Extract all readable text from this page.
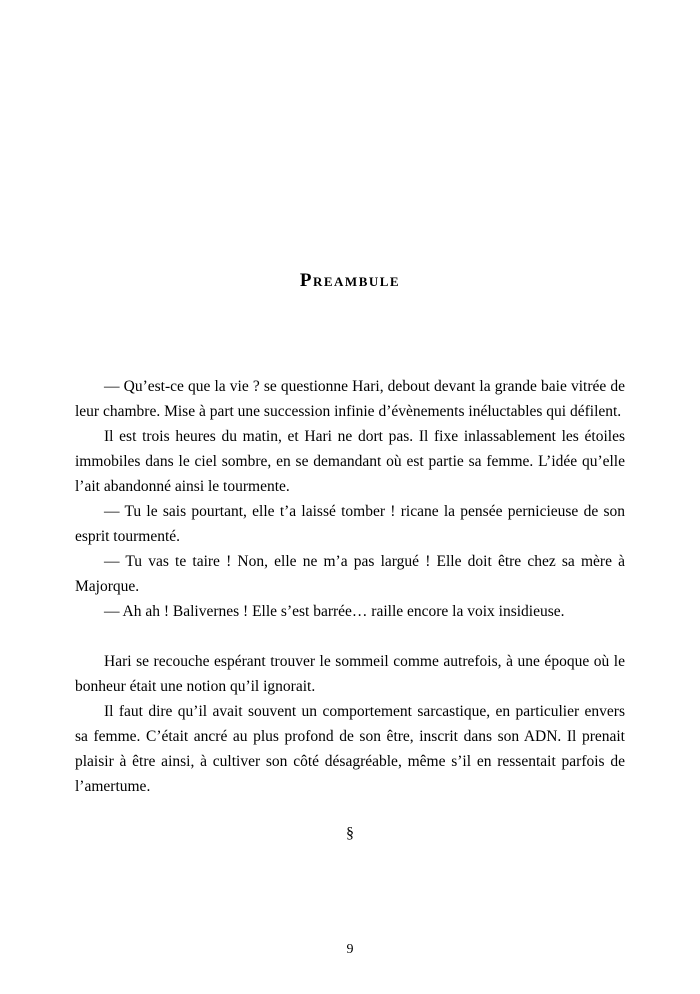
Preambule

— Qu’est-ce que la vie ? se questionne Hari, debout devant la grande baie vitrée de leur chambre. Mise à part une succession infinie d’évènements inéluctables qui défilent.

Il est trois heures du matin, et Hari ne dort pas. Il fixe inlassablement les étoiles immobiles dans le ciel sombre, en se demandant où est partie sa femme. L’idée qu’elle l’ait abandonné ainsi le tourmente.

— Tu le sais pourtant, elle t’a laissé tomber ! ricane la pensée pernicieuse de son esprit tourmenté.

— Tu vas te taire ! Non, elle ne m’a pas largué ! Elle doit être chez sa mère à Majorque.

— Ah ah ! Balivernes ! Elle s’est barrée… raille encore la voix insidieuse.

Hari se recouche espérant trouver le sommeil comme autrefois, à une époque où le bonheur était une notion qu’il ignorait.

Il faut dire qu’il avait souvent un comportement sarcastique, en particulier envers sa femme. C’était ancré au plus profond de son être, inscrit dans son ADN. Il prenait plaisir à être ainsi, à cultiver son côté désagréable, même s’il en ressentait parfois de l’amertume.

§
9
